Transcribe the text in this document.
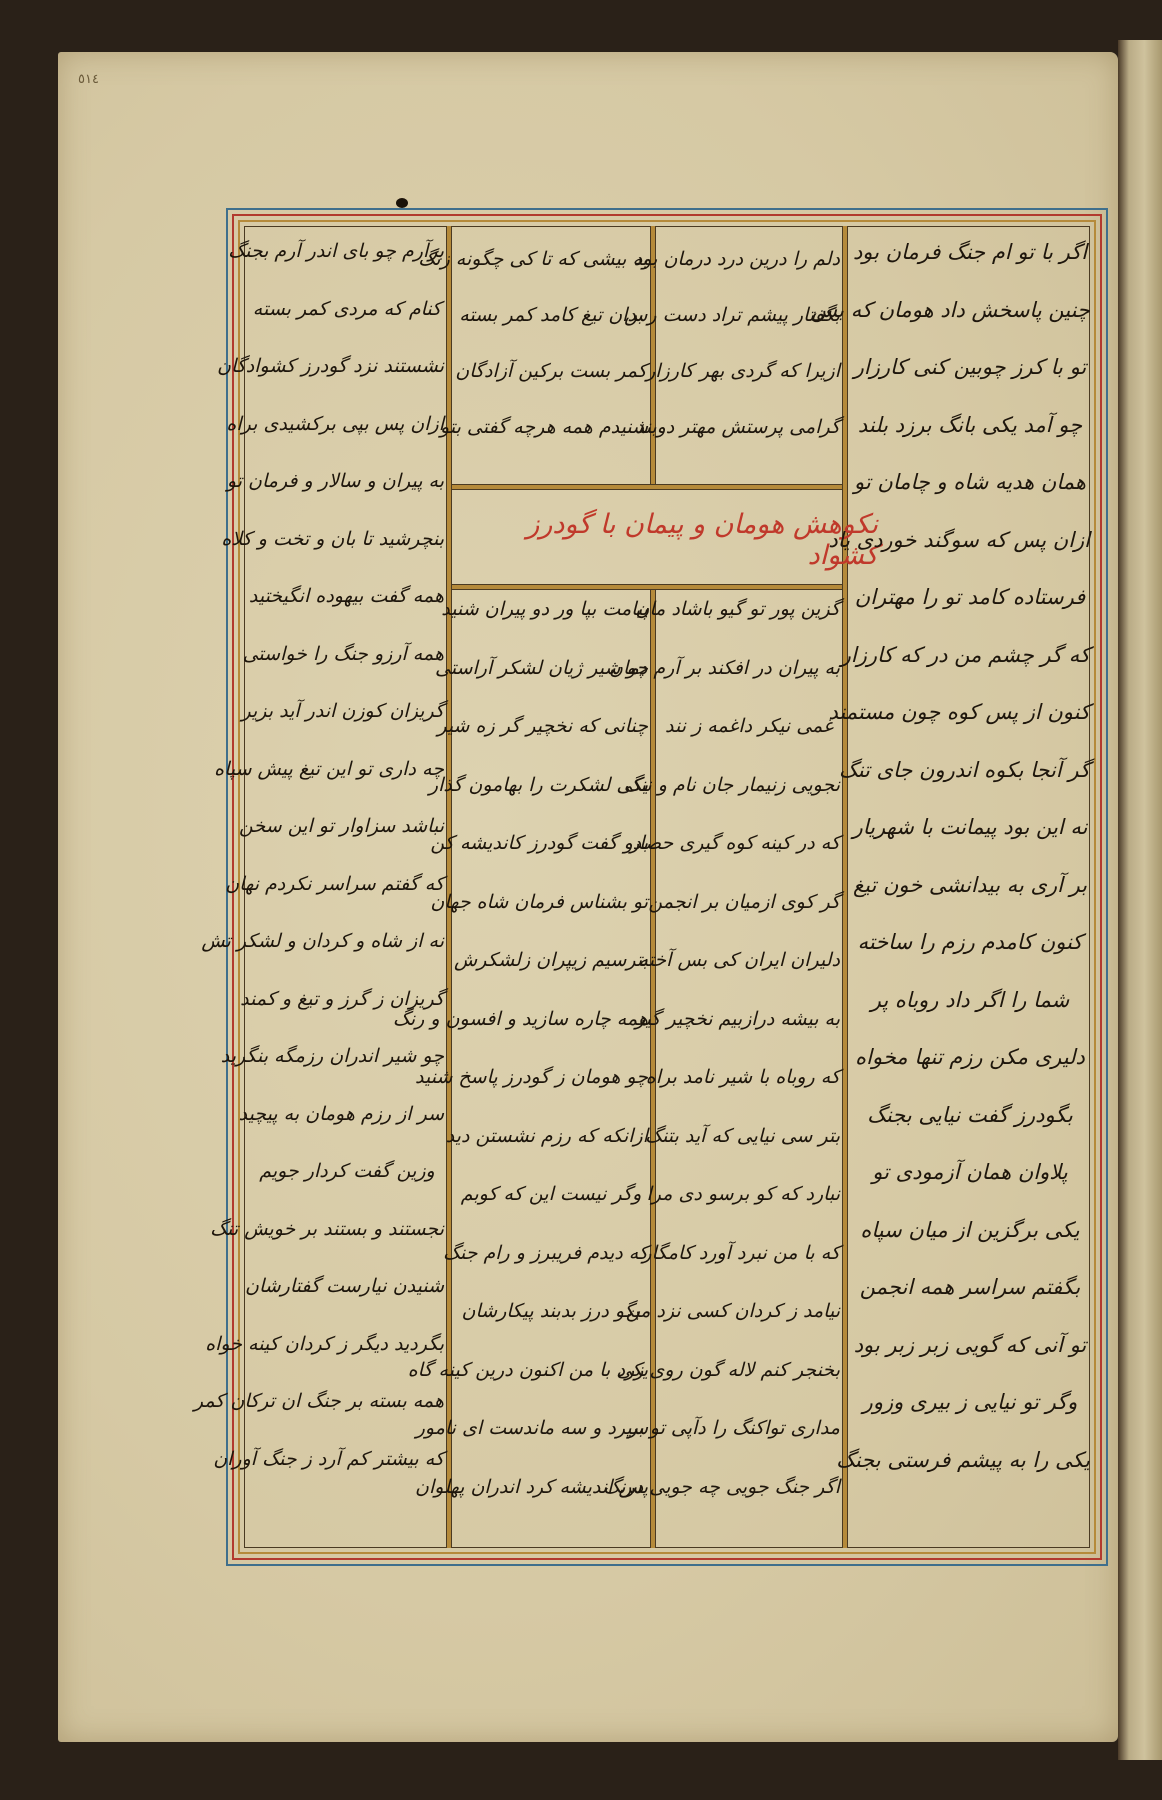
٥١٤
نکوهش هومان و پیمان با گودرز کشواد
اگر با تو ام جنگ فرمان بود
چنین پاسخش داد هومان که بس
تو با کرز چوبین کنی کارزار
چو آمد یکی بانگ برزد بلند
همان هدیه شاه و چامان تو
ازان پس که سوگند خوردی یاد
فرستاده کامد تو را مهتران
که گر چشم من در که کارزار
کنون از پس کوه چون مستمند
گر آنجا بکوه اندرون جای تنگ
نه این بود پیمانت با شهریار
بر آری به بیدانشی خون تیغ
کنون کامدم رزم را ساخته
شما را اگر داد روباه پر
دلیری مکن رزم تنها مخواه
بگودرز گفت نیایی بجنگ
پلاوان همان آزمودی تو
یکی برگزین از میان سپاه
بگفتم سراسر همه انجمن
تو آنی که گویی زبر زبر بود
وگر تو نیایی ز بیری وزور
یکی را به پیشم فرستی بجنگ
دلم را درین درد درمان بود
بگفتار پیشم تراد دست رس
ازیرا که گردی بهر کارزار
گرامی پرستش مهتر دوبند
به بیشی که تا کی چگونه زنگ
بدان تیغ کامد کمر بسته
کمر بست برکین آزادگان
شنیدم همه هرچه گفتی بتو
گزین پور تو گیو باشاد مان
به پیران در افکند بر آرم دمان
غمی نیکر داغمه ز نند
نجویی زنیمار جان نام و ننگ
که در کینه کوه گیری حصار
گر کوی ازمیان بر انجمن
دلیران ایران کی بس آخته
به بیشه درازبیم نخچیر گیر
که روباه با شیر نامد براه
بتر سی نیایی که آید بتنگ
نبارد که کو برسو دی مرا
که با من نبرد آورد کامگار
نیامد ز کردان کسی نزد من
بخنجر کنم لاله گون روی زرد
مداری تواکنگ را دآپی تو بر
اگر جنگ جویی چه جویی درنگ
پیامت بپا ور دو پیران شنید
چو شیر ژیان لشکر آراستی
چنانی که نخچیر گر زه شیر
یکی لشکرت را بهامون گذار
بدو گفت گودرز کاندیشه کن
تو بشناس فرمان شاه جهان
بترسیم زیپران زلشکرش
همه چاره سازید و افسون و رنگ
چو هومان ز گودرز پاسخ شنید
ازانکه که رزم نشستن دید
وگر نیست این که کوبم
که دیدم فریبرز و رام جنگ
بگو درز بدبند پیکارشان
یکی با من اکنون درین کینه گاه
سپرد و سه ماندست ای نامور
پس اندیشه کرد اندران پهلوان
برآرم چو بای اندر آرم بجنگ
کنام که مردی کمر بسته
نشستند نزد گودرز کشوادگان
ازان پس بپی برکشیدی براه
به پیران و سالار و فرمان تو
بنچرشید تا بان و تخت و کلاه
همه گفت بیهوده انگیختید
همه آرزو جنگ را خواستی
گریزان کوزن اندر آید بزیر
چه داری تو این تیغ پیش سپاه
نباشد سزاوار تو این سخن
که گفتم سراسر نکردم نهان
نه از شاه و کردان و لشکر تش
گریزان ز گرز و تیغ و کمند
چو شیر اندران رزمگه بنگرید
سر از رزم هومان به پیچید
وزین گفت کردار جویم
نجستند و بستند بر خویش تنگ
شنیدن نیارست گفتارشان
بگردید دیگر ز کردان کینه خواه
همه بسته بر جنگ ان ترکان کمر
که بیشتر کم آرد ز جنگ آوران
